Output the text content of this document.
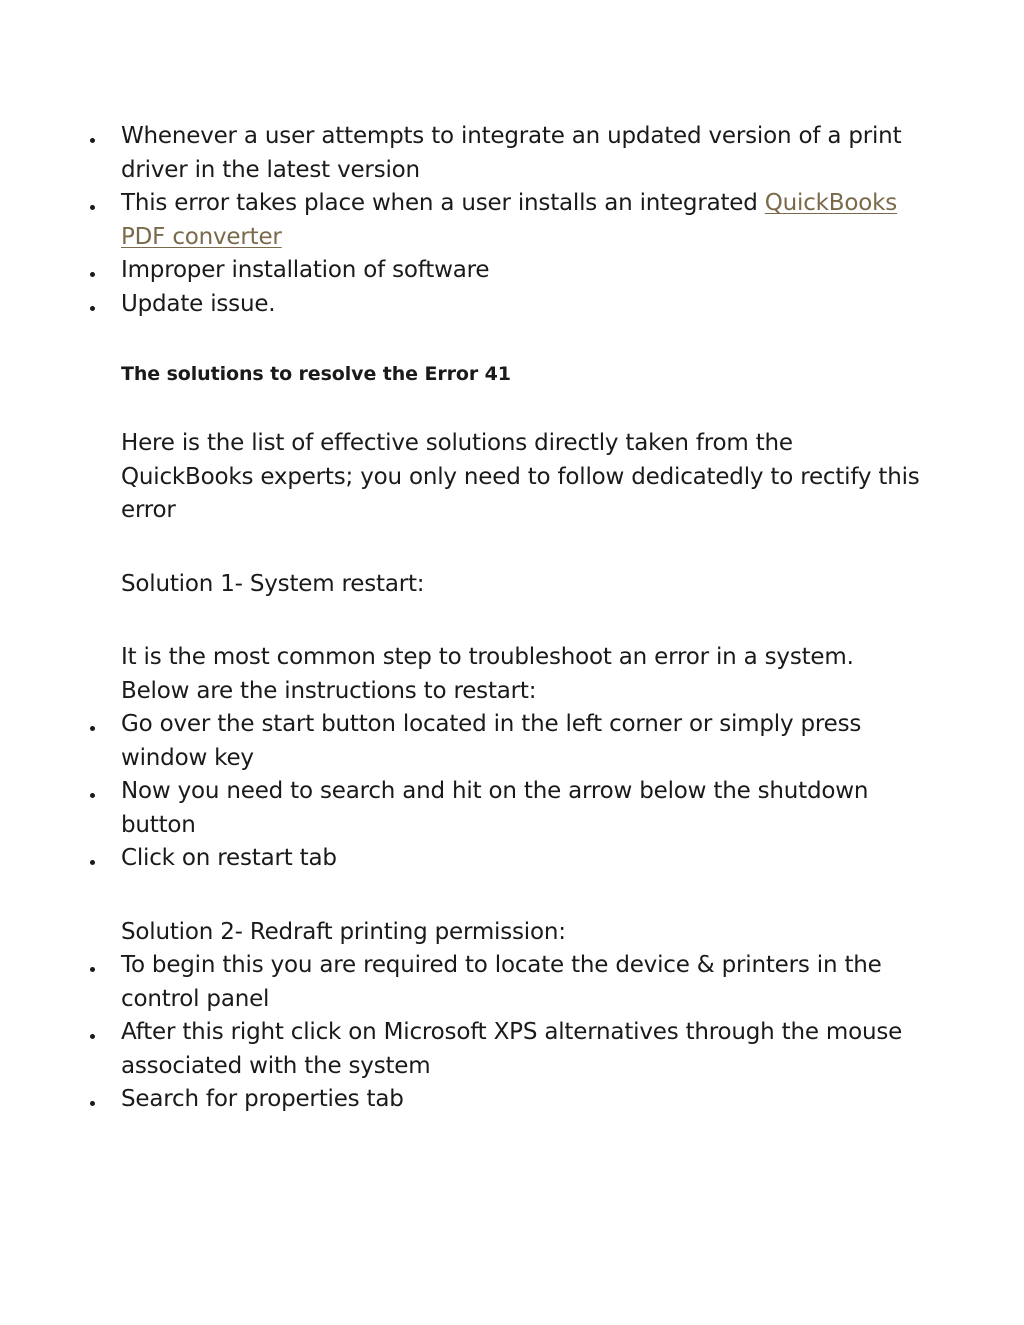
Whenever a user attempts to integrate an updated version of a print driver in the latest version
This error takes place when a user installs an integrated QuickBooks PDF converter
Improper installation of software
Update issue.

The solutions to resolve the Error 41

Here is the list of effective solutions directly taken from the QuickBooks experts; you only need to follow dedicatedly to rectify this error

Solution 1- System restart:

It is the most common step to troubleshoot an error in a system. Below are the instructions to restart:

Go over the start button located in the left corner or simply press window key
Now you need to search and hit on the arrow below the shutdown button
Click on restart tab

Solution 2- Redraft printing permission:

To begin this you are required to locate the device & printers in the control panel
After this right click on Microsoft XPS alternatives through the mouse associated with the system
Search for properties tab
